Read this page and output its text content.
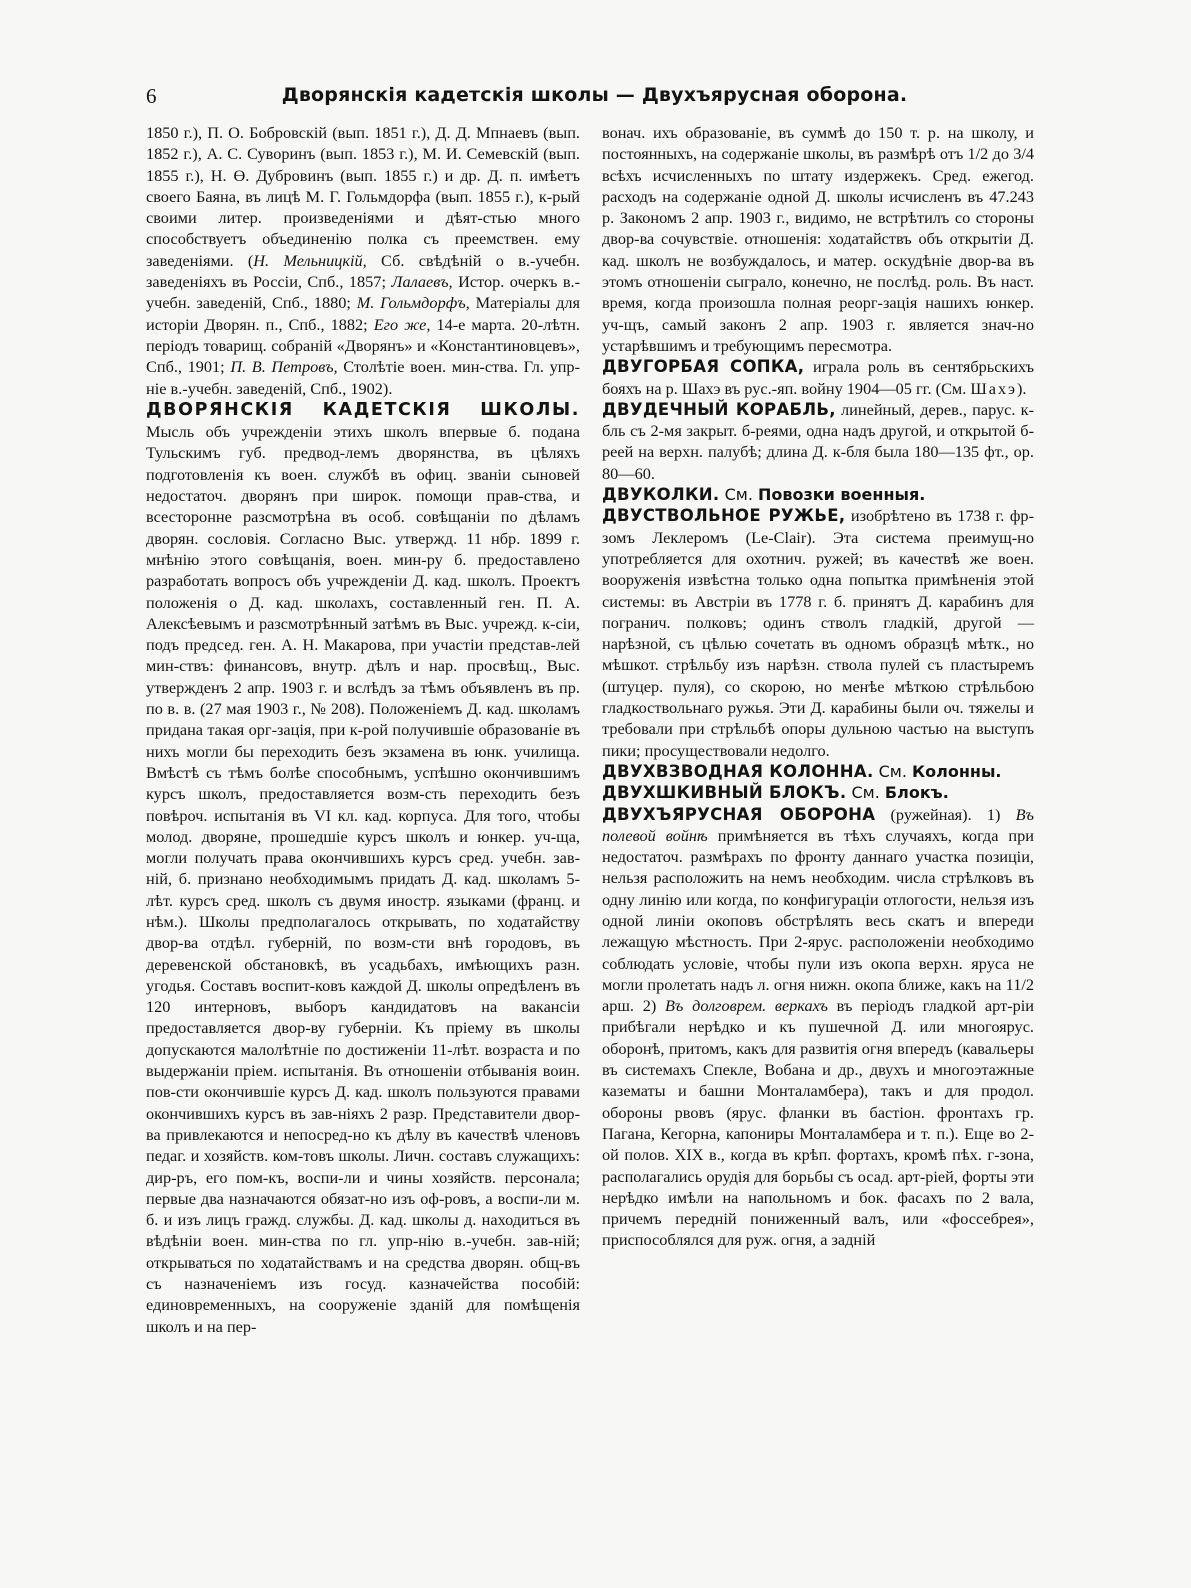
6	Дворянскія кадетскія школы — Двухъярусная оборона.

1850 г.), П. О. Бобровскій (вып. 1851 г.), Д. Д. Мпнаевъ (вып. 1852 г.), А. С. Суворинъ (вып. 1853 г.), М. И. Семевскій (вып. 1855 г.), Н. Ө. Дубровинъ (вып. 1855 г.) и др. Д. п. имѣетъ своего Баяна, въ лицѣ М. Г. Гольмдорфа (вып. 1855 г.), к-рый своими литер. произведеніями и дѣят-стью много способствуетъ объединенію полка съ преемствен. ему заведеніями. (Н. Мельницкій, Сб. свѣдѣній о в.-учебн. заведеніяхъ въ Россіи, Спб., 1857; Лалаевъ, Истор. очеркъ в.-учебн. заведеній, Спб., 1880; М. Гольмдорфъ, Матеріалы для исторіи Дворян. п., Спб., 1882; Его же, 14-е марта. 20-лѣтн. періодъ товарищ. собраній «Дворянъ» и «Константиновцевъ», Спб., 1901; П. В. Петровъ, Столѣтіе воен. мин-ства. Гл. упр-ніе в.-учебн. заведеній, Спб., 1902).

ДВОРЯНСКІЯ КАДЕТСКІЯ ШКОЛЫ. Мысль объ учрежденіи этихъ школъ впервые б. подана Тульскимъ губ. предвод-лемъ дворянства, въ цѣляхъ подготовленія къ воен. службѣ въ офиц. званіи сыновей недостаточ. дворянъ при широк. помощи прав-ства, и всесторонне разсмотрѣна въ особ. совѣщаніи по дѣламъ дворян. сословія. Согласно Выс. утвержд. 11 нбр. 1899 г. мнѣнію этого совѣщанія, воен. мин-ру б. предоставлено разработать вопросъ объ учрежденіи Д. кад. школъ. Проектъ положенія о Д. кад. школахъ, составленный ген. П. А. Алексѣевымъ и разсмотрѣнный затѣмъ въ Выс. учрежд. к-сіи, подъ председ. ген. А. Н. Макарова, при участіи представ-лей мин-ствъ: финансовъ, внутр. дѣлъ и нар. просвѣщ., Выс. утвержденъ 2 апр. 1903 г. и вслѣдъ за тѣмъ объявленъ въ пр. по в. в. (27 мая 1903 г., № 208). Положеніемъ Д. кад. школамъ придана такая орг-зація, при к-рой получившіе образованіе въ нихъ могли бы переходить безъ экзамена въ юнк. училища. Вмѣстѣ съ тѣмъ болѣе способнымъ, успѣшно окончившимъ курсъ школъ, предоставляется возм-сть переходить безъ повѣроч. испытанія въ VI кл. кад. корпуса. Для того, чтобы молод. дворяне, прошедшіе курсъ школъ и юнкер. уч-ща, могли получать права окончившихъ курсъ сред. учебн. зав-ній, б. признано необходимымъ придать Д. кад. школамъ 5-лѣт. курсъ сред. школъ съ двумя иностр. языками (франц. и нѣм.). Школы предполагалось открывать, по ходатайству двор-ва отдѣл. губерній, по возм-сти внѣ городовъ, въ деревенской обстановкѣ, въ усадьбахъ, имѣющихъ разн. угодья. Составъ воспит-ковъ каждой Д. школы опредѣленъ въ 120 интерновъ, выборъ кандидатовъ на вакансіи предоставляется двор-ву губерніи. Къ пріему въ школы допускаются малолѣтніе по достиженіи 11-лѣт. возраста и по выдержаніи пріем. испытанія. Въ отношеніи отбыванія воин. пов-сти окончившіе курсъ Д. кад. школъ пользуются правами окончившихъ курсъ въ зав-ніяхъ 2 разр. Представители двор-ва привлекаются и непосред-но къ дѣлу въ качествѣ членовъ педаг. и хозяйств. ком-товъ школы. Личн. составъ служащихъ: дир-ръ, его пом-къ, воспи-ли и чины хозяйств. персонала; первые два назначаются обязат-но изъ оф-ровъ, а воспи-ли м. б. и изъ лицъ гражд. службы. Д. кад. школы д. находиться въ вѣдѣніи воен. мин-ства по гл. упр-нію в.-учебн. зав-ній; открываться по ходатайствамъ и на средства дворян. общ-въ съ назначеніемъ изъ госуд. казначейства пособій: единовременныхъ, на сооруженіе зданій для помѣщенія школъ и на пер-

вонач. ихъ образованіе, въ суммѣ до 150 т. р. на школу, и постоянныхъ, на содержаніе школы, въ размѣрѣ отъ 1/2 до 3/4 всѣхъ исчисленныхъ по штату издержекъ. Сред. ежегод. расходъ на содержаніе одной Д. школы исчисленъ въ 47.243 р. Закономъ 2 апр. 1903 г., видимо, не встрѣтилъ со стороны двор-ва сочувствіе. отношенія: ходатайствъ объ открытіи Д. кад. школъ не возбуждалось, и матер. оскудѣніе двор-ва въ этомъ отношеніи сыграло, конечно, не послѣд. роль. Въ наст. время, когда произошла полная реорг-зація нашихъ юнкер. уч-щъ, самый законъ 2 апр. 1903 г. является знач-но устарѣвшимъ и требующимъ пересмотра.

ДВУГОРБАЯ СОПКА, играла роль въ сентябрьскихъ бояхъ на р. Шахэ въ рус.-яп. войну 1904—05 гг. (См. Шахэ).

ДВУДЕЧНЫЙ КОРАБЛЬ, линейный, дерев., парус. к-бль съ 2-мя закрыт. б-реями, одна надъ другой, и открытой б-реей на верхн. палубѣ; длина Д. к-бля была 180—135 фт., ор. 80—60.

ДВУКОЛКИ. См. Повозки военныя.

ДВУСТВОЛЬНОЕ РУЖЬЕ, изобрѣтено въ 1738 г. фр-зомъ Леклеромъ (Le-Clair). Эта система преимущ-но употребляется для охотнич. ружей; въ качествѣ же воен. вооруженія извѣстна только одна попытка примѣненія этой системы: въ Австріи въ 1778 г. б. принятъ Д. карабинъ для погранич. полковъ; одинъ стволъ гладкій, другой — нарѣзной, съ цѣлью сочетать въ одномъ образцѣ мѣтк., но мѣшкот. стрѣльбу изъ нарѣзн. ствола пулей съ пластыремъ (штуцер. пуля), со скорою, но менѣе мѣткою стрѣльбою гладкоствольнаго ружья. Эти Д. карабины были оч. тяжелы и требовали при стрѣльбѣ опоры дульною частью на выступъ пики; просуществовали недолго.

ДВУХВЗВОДНАЯ КОЛОННА. См. Колонны.

ДВУХШКИВНЫЙ БЛОКЪ. См. Блокъ.

ДВУХЪЯРУСНАЯ ОБОРОНА (ружейная). 1) Въ полевой войнѣ примѣняется въ тѣхъ случаяхъ, когда при недостаточ. размѣрахъ по фронту даннаго участка позиціи, нельзя расположить на немъ необходим. числа стрѣлковъ въ одну линію или когда, по конфигураціи отлогости, нельзя изъ одной линіи окоповъ обстрѣлять весь скатъ и впереди лежащую мѣстность. При 2-ярус. расположеніи необходимо соблюдать условіе, чтобы пули изъ окопа верхн. яруса не могли пролетать надъ л. огня нижн. окопа ближе, какъ на 11/2 арш. 2) Въ долговрем. веркахъ въ періодъ гладкой арт-ріи прибѣгали нерѣдко и къ пушечной Д. или многоярус. оборонѣ, притомъ, какъ для развитія огня впередъ (кавальеры въ системахъ Спекле, Вобана и др., двухъ и многоэтажные казематы и башни Монталамбера), такъ и для продол. обороны рвовъ (ярус. фланки въ бастіон. фронтахъ гр. Пагана, Кегорна, капониры Монталамбера и т. п.). Еще во 2-ой полов. XIX в., когда въ крѣп. фортахъ, кромѣ пѣх. г-зона, располагались орудія для борьбы съ осад. арт-ріей, форты эти нерѣдко имѣли на напольномъ и бок. фасахъ по 2 вала, причемъ передній пониженный валъ, или «фоссебрея», приспособлялся для руж. огня, а задній
